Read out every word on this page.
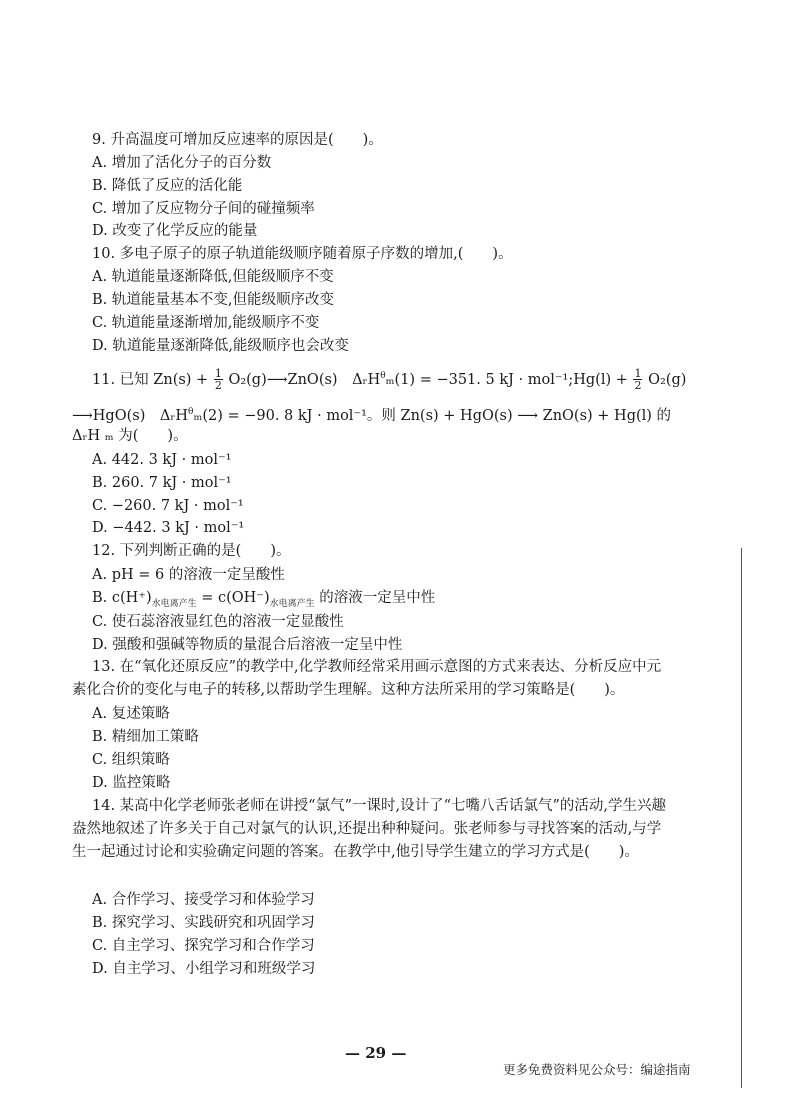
9. 升高温度可增加反应速率的原因是(　　)。
A. 增加了活化分子的百分数
B. 降低了反应的活化能
C. 增加了反应物分子间的碰撞频率
D. 改变了化学反应的能量
10. 多电子原子的原子轨道能级顺序随着原子序数的增加,(　　)。
A. 轨道能量逐渐降低,但能级顺序不变
B. 轨道能量基本不变,但能级顺序改变
C. 轨道能量逐渐增加,能级顺序不变
D. 轨道能量逐渐降低,能级顺序也会改变
11. 已知 $Zn(s) + \frac{1}{2}$ O₂(g)⟶ZnO(s)　ΔᵣH$^\theta$ₘ(1) = −351. 5 kJ · mol⁻¹;Hg(l) + $\frac{1}{2} O_2(g)$
⟶HgO(s)　ΔᵣH$^\theta$ₘ(2) = −90. 8 kJ · mol⁻¹。则 Zn(s) + HgO(s) ⟶ ZnO(s) + Hg(l) 的
ΔᵣH ₘ 为(　　)。
A. 442. 3 kJ · mol⁻¹
B. 260. 7 kJ · mol⁻¹
C. −260. 7 kJ · mol⁻¹
D. −442. 3 kJ · mol⁻¹
12. 下列判断正确的是(　　)。
A. pH = 6 的溶液一定呈酸性
B. $c(H^+)_{水电离产生} = c(OH^-)_{水电离产生}$ 的溶液一定呈中性
C. 使石蕊溶液显红色的溶液一定显酸性
D. 强酸和强碱等物质的量混合后溶液一定呈中性
13. 在“氧化还原反应”的教学中,化学教师经常采用画示意图的方式来表达、分析反应中元素化合价的变化与电子的转移,以帮助学生理解。这种方法所采用的学习策略是(　　)。
A. 复述策略
B. 精细加工策略
C. 组织策略
D. 监控策略
14. 某高中化学老师张老师在讲授“氯气”一课时,设计了“七嘴八舌话氯气”的活动,学生兴趣盎然地叙述了许多关于自己对氯气的认识,还提出种种疑问。张老师参与寻找答案的活动,与学生一起通过讨论和实验确定问题的答案。在教学中,他引导学生建立的学习方式是(　　)。
A. 合作学习、接受学习和体验学习
B. 探究学习、实践研究和巩固学习
C. 自主学习、探究学习和合作学习
D. 自主学习、小组学习和班级学习
— 29 —
更多免费资料见公众号：编途指南
